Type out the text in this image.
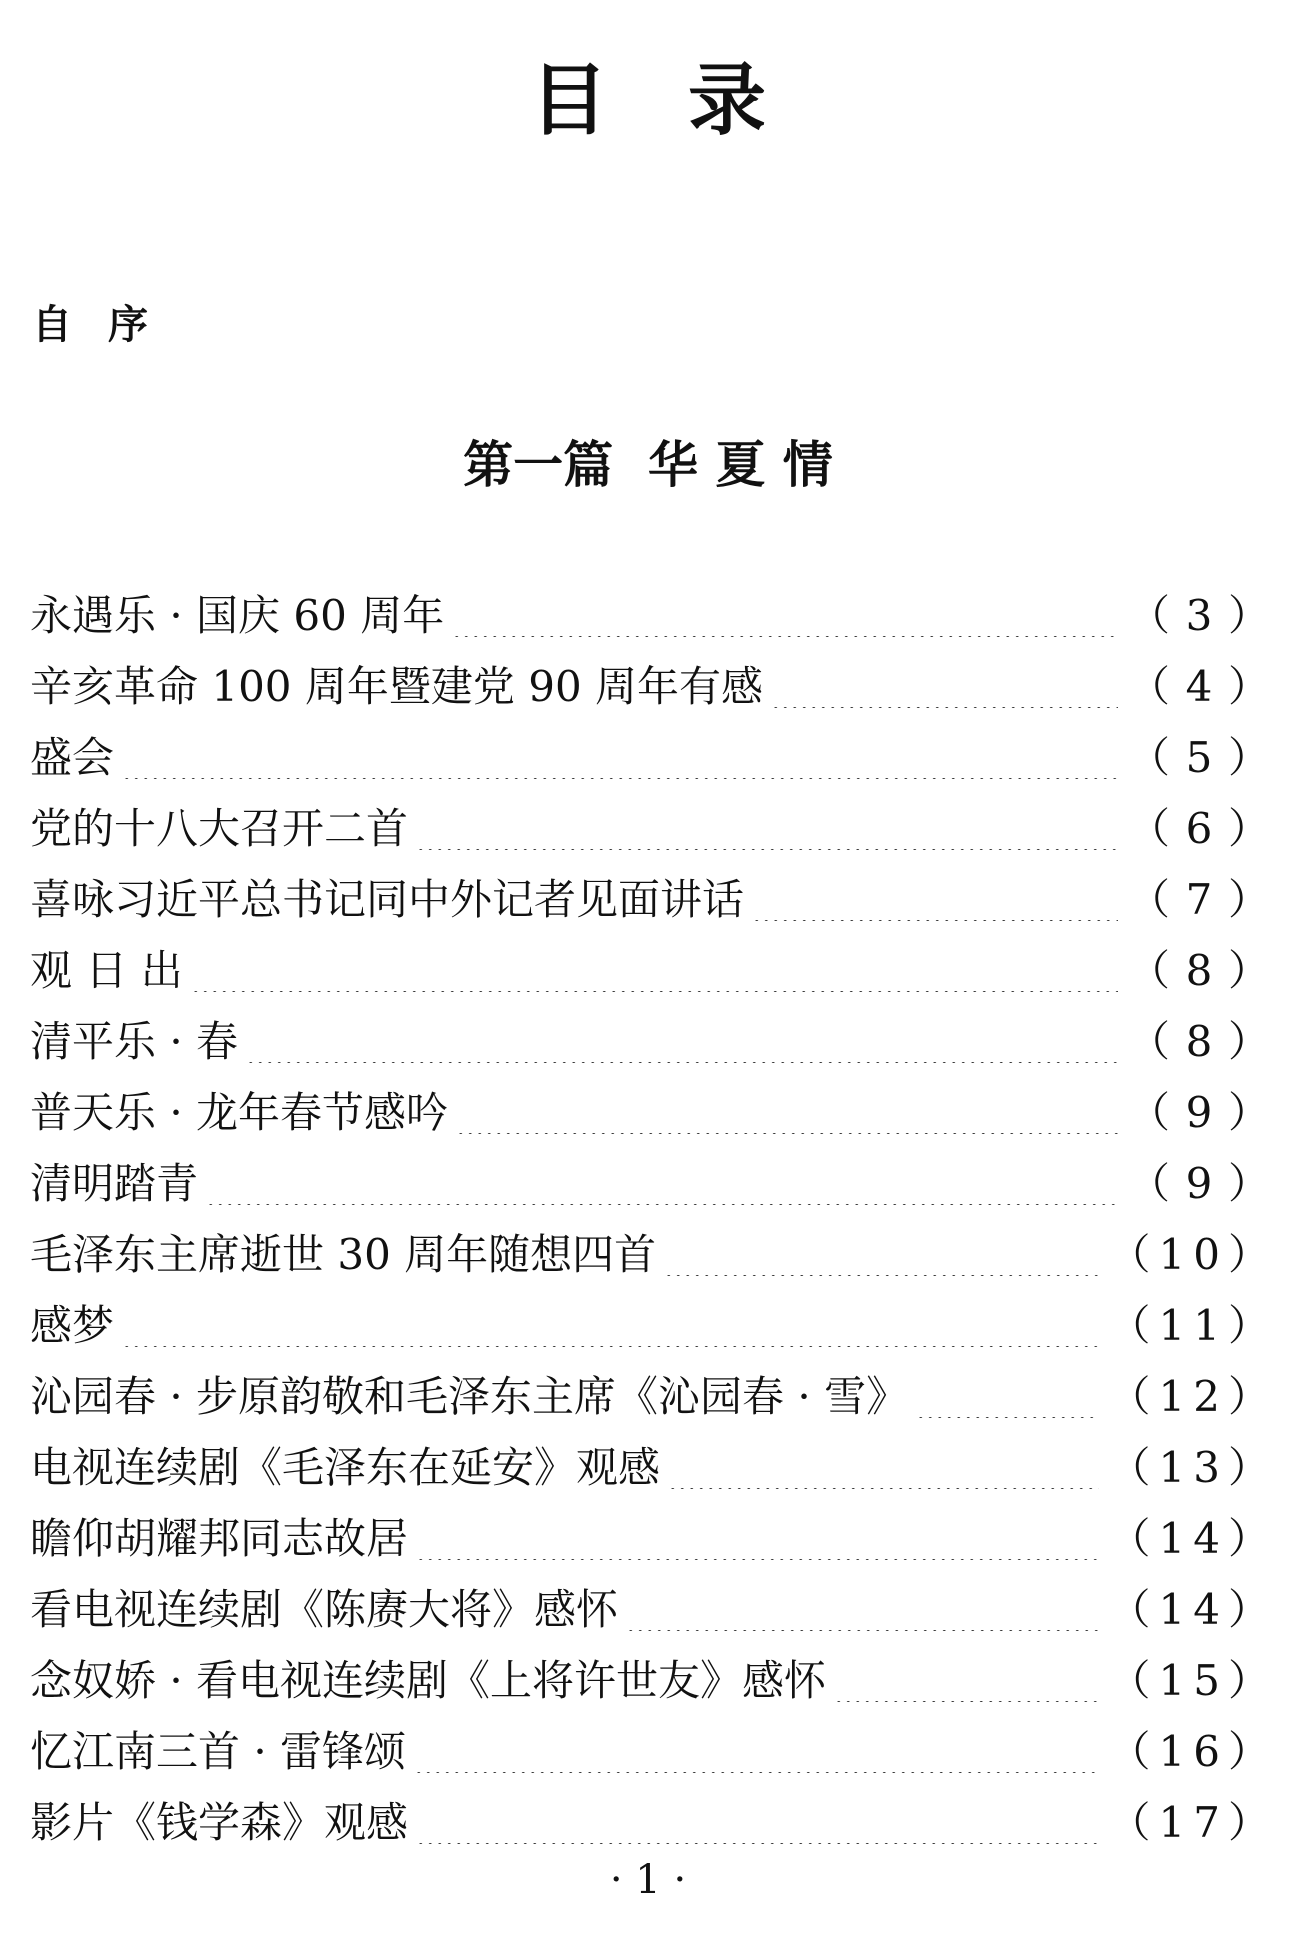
目录
自序
第一篇  华 夏 情
永遇乐 · 国庆 60 周年	（ 3 ）
辛亥革命 100 周年暨建党 90 周年有感	（ 4 ）
盛会	（ 5 ）
党的十八大召开二首	（ 6 ）
喜咏习近平总书记同中外记者见面讲话	（ 7 ）
观 日 出	（ 8 ）
清平乐 · 春	（ 8 ）
普天乐 · 龙年春节感吟	（ 9 ）
清明踏青	（ 9 ）
毛泽东主席逝世 30 周年随想四首	（ 10 ）
感梦	（ 11 ）
沁园春 · 步原韵敬和毛泽东主席《沁园春 · 雪》	（ 12 ）
电视连续剧《毛泽东在延安》观感	（ 13 ）
瞻仰胡耀邦同志故居	（ 14 ）
看电视连续剧《陈赓大将》感怀	（ 14 ）
念奴娇 · 看电视连续剧《上将许世友》感怀	（ 15 ）
忆江南三首 · 雷锋颂	（ 16 ）
影片《钱学森》观感	（ 17 ）
· 1 ·
